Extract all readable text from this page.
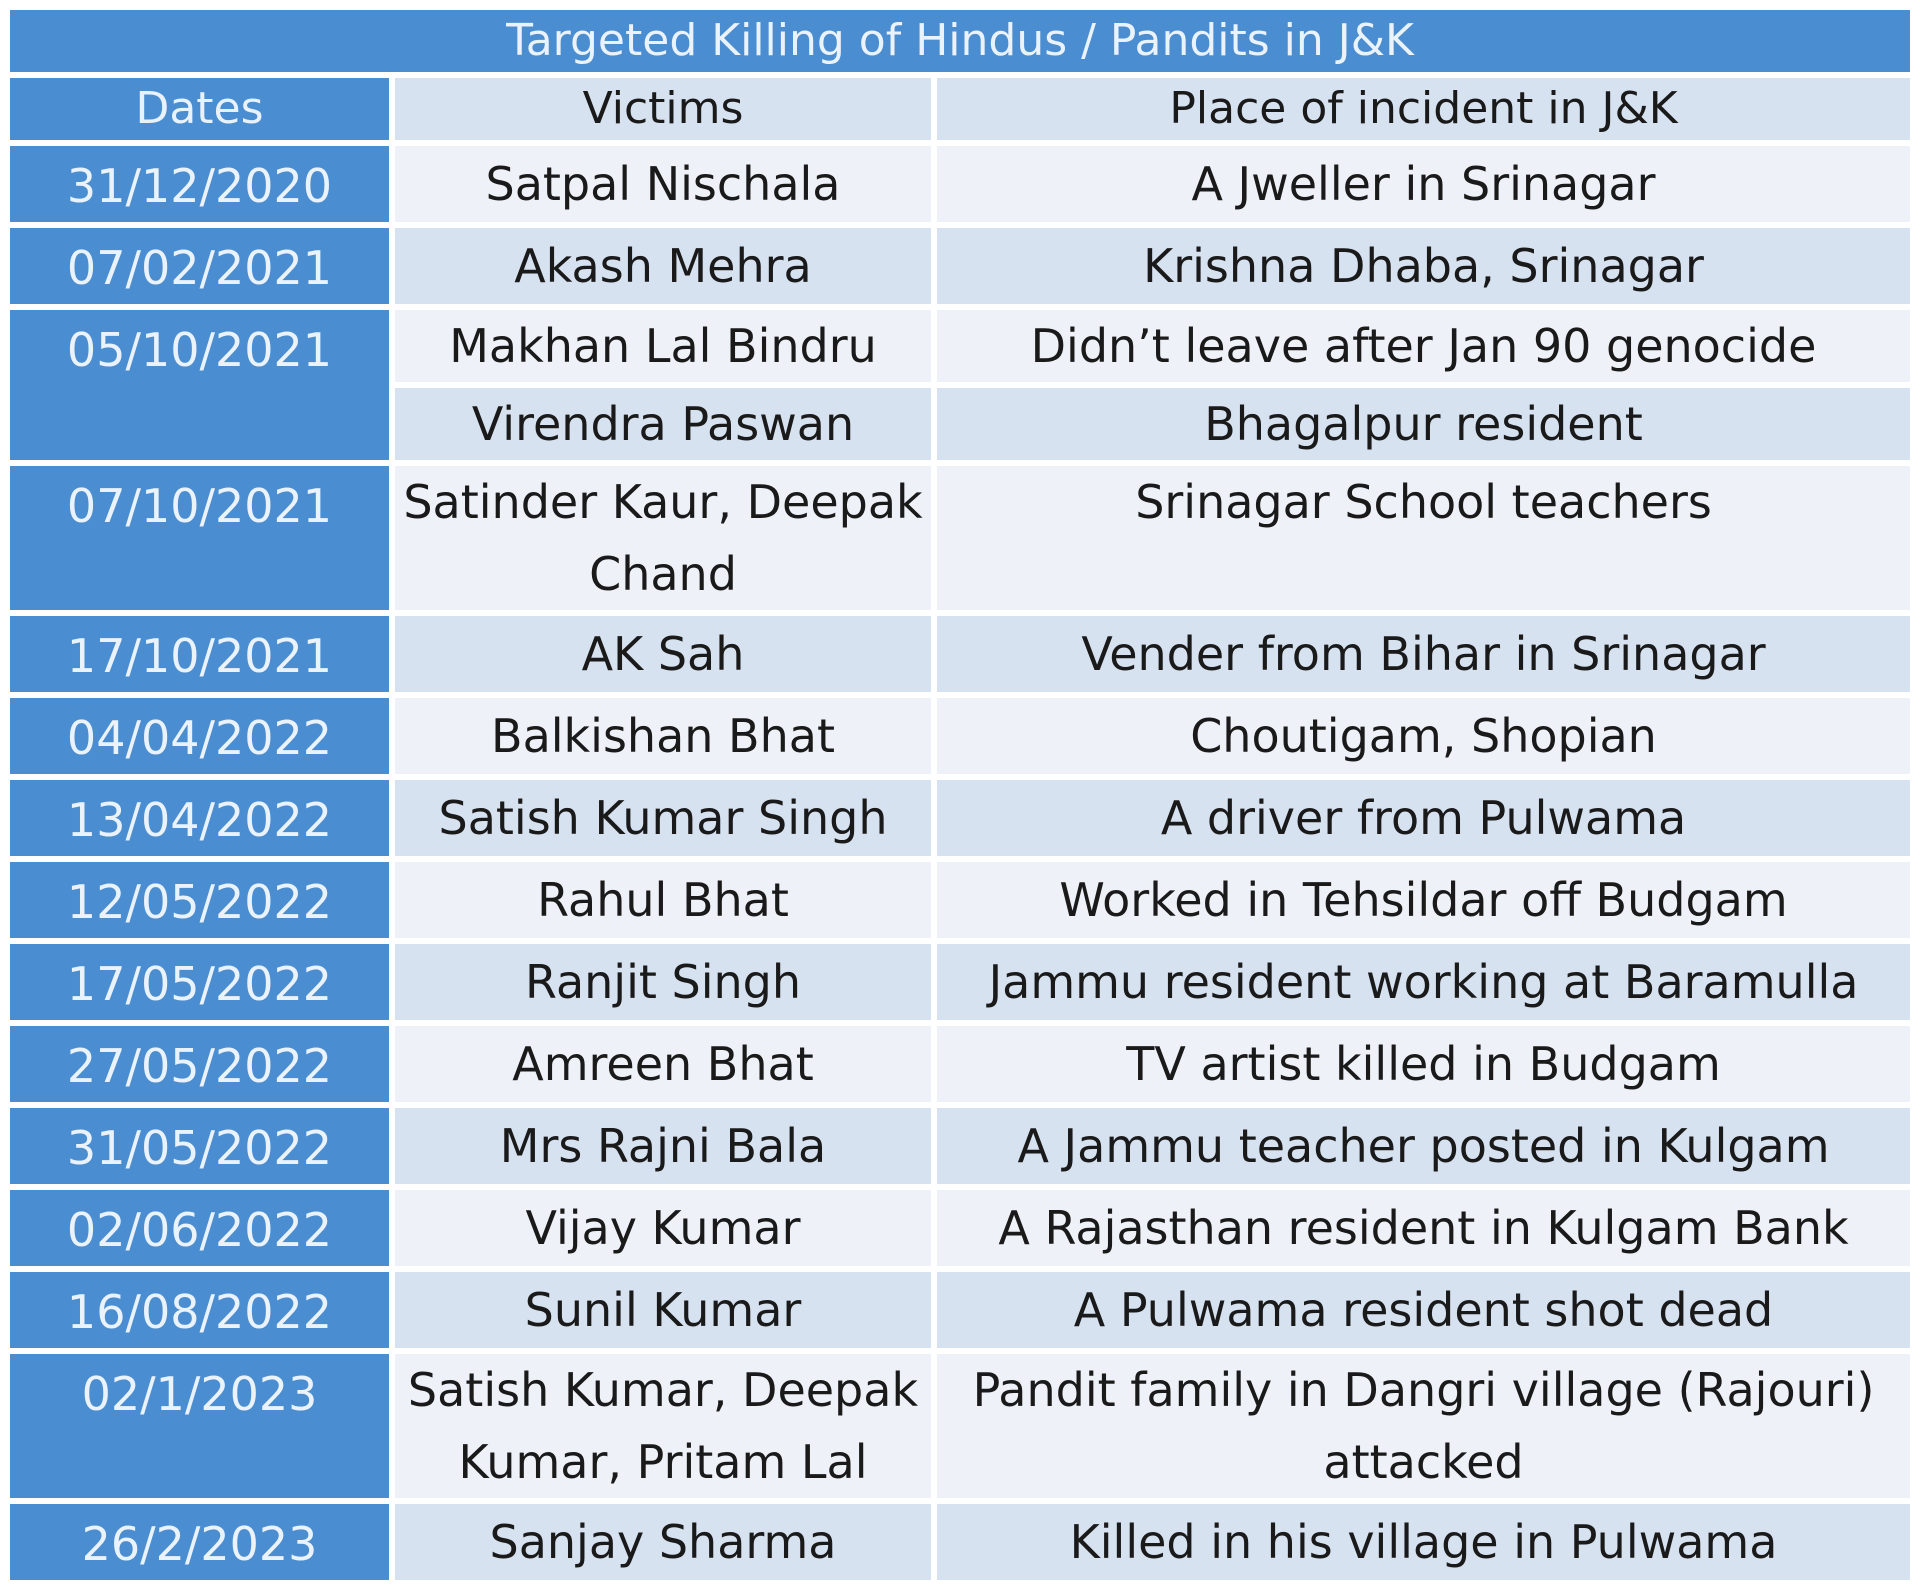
Targeted Killing of Hindus / Pandits in J&K		
Dates	Victims	Place of incident in J&K
31/12/2020	Satpal Nischala	A Jweller in Srinagar
07/02/2021	Akash Mehra	Krishna Dhaba, Srinagar
05/10/2021	Makhan Lal Bindru	Didn’t leave after Jan 90 genocide
	Virendra Paswan	Bhagalpur resident
07/10/2021	Satinder Kaur, Deepak Chand	Srinagar School teachers
17/10/2021	AK Sah	Vender from Bihar in Srinagar
04/04/2022	Balkishan Bhat	Choutigam, Shopian
13/04/2022	Satish Kumar Singh	A driver from Pulwama
12/05/2022	Rahul Bhat	Worked in Tehsildar off Budgam
17/05/2022	Ranjit Singh	Jammu resident working at Baramulla
27/05/2022	Amreen Bhat	TV artist killed in Budgam
31/05/2022	Mrs Rajni Bala	A Jammu teacher posted in Kulgam
02/06/2022	Vijay Kumar	A Rajasthan resident in Kulgam Bank
16/08/2022	Sunil Kumar	A Pulwama resident shot dead
02/1/2023	Satish Kumar, Deepak Kumar, Pritam Lal	Pandit family in Dangri village (Rajouri) attacked
26/2/2023	Sanjay Sharma	Killed in his village in Pulwama
